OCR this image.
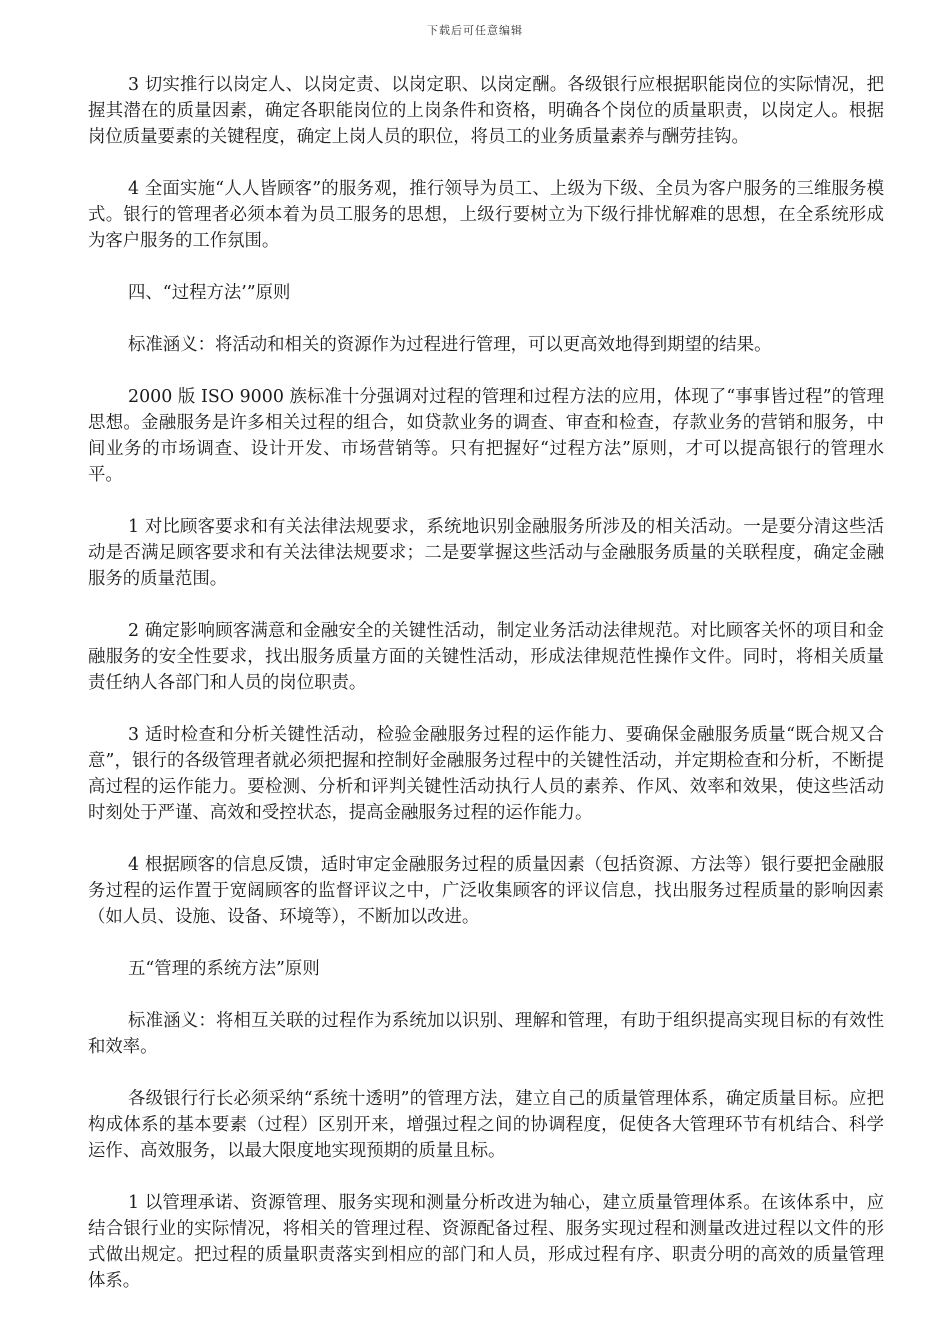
下载后可任意编辑

3 切实推行以岗定人、以岗定责、以岗定职、以岗定酬。各级银行应根据职能岗位的实际情况，把握其潜在的质量因素，确定各职能岗位的上岗条件和资格，明确各个岗位的质量职责，以岗定人。根据岗位质量要素的关键程度，确定上岗人员的职位，将员工的业务质量素养与酬劳挂钩。

4 全面实施“人人皆顾客”的服务观，推行领导为员工、上级为下级、全员为客户服务的三维服务模式。银行的管理者必须本着为员工服务的思想，上级行要树立为下级行排忧解难的思想，在全系统形成为客户服务的工作氛围。

四、“过程方法’”原则

标准涵义：将活动和相关的资源作为过程进行管理，可以更高效地得到期望的结果。

2000 版 ISO 9000 族标准十分强调对过程的管理和过程方法的应用，体现了“事事皆过程”的管理思想。金融服务是许多相关过程的组合，如贷款业务的调查、审查和检查，存款业务的营销和服务，中间业务的市场调查、设计开发、市场营销等。只有把握好“过程方法”原则，才可以提高银行的管理水平。

1 对比顾客要求和有关法律法规要求，系统地识别金融服务所涉及的相关活动。一是要分清这些活动是否满足顾客要求和有关法律法规要求；二是要掌握这些活动与金融服务质量的关联程度，确定金融服务的质量范围。

2 确定影响顾客满意和金融安全的关键性活动，制定业务活动法律规范。对比顾客关怀的项目和金融服务的安全性要求，找出服务质量方面的关键性活动，形成法律规范性操作文件。同时，将相关质量责任纳人各部门和人员的岗位职责。

3 适时检查和分析关键性活动，检验金融服务过程的运作能力、要确保金融服务质量“既合规又合意”，银行的各级管理者就必须把握和控制好金融服务过程中的关键性活动，并定期检查和分析，不断提高过程的运作能力。要检测、分析和评判关键性活动执行人员的素养、作风、效率和效果，使这些活动时刻处于严谨、高效和受控状态，提高金融服务过程的运作能力。

4 根据顾客的信息反馈，适时审定金融服务过程的质量因素（包括资源、方法等）银行要把金融服务过程的运作置于宽阔顾客的监督评议之中，广泛收集顾客的评议信息，找出服务过程质量的影响因素（如人员、设施、设备、环境等），不断加以改进。

五“管理的系统方法”原则

标准涵义：将相互关联的过程作为系统加以识别、理解和管理，有助于组织提高实现目标的有效性和效率。

各级银行行长必须采纳“系统十透明”的管理方法，建立自己的质量管理体系，确定质量目标。应把构成体系的基本要素（过程）区别开来，增强过程之间的协调程度，促使各大管理环节有机结合、科学运作、高效服务，以最大限度地实现预期的质量且标。

1 以管理承诺、资源管理、服务实现和测量分析改进为轴心，建立质量管理体系。在该体系中，应结合银行业的实际情况，将相关的管理过程、资源配备过程、服务实现过程和测量改进过程以文件的形式做出规定。把过程的质量职责落实到相应的部门和人员，形成过程有序、职责分明的高效的质量管理体系。
